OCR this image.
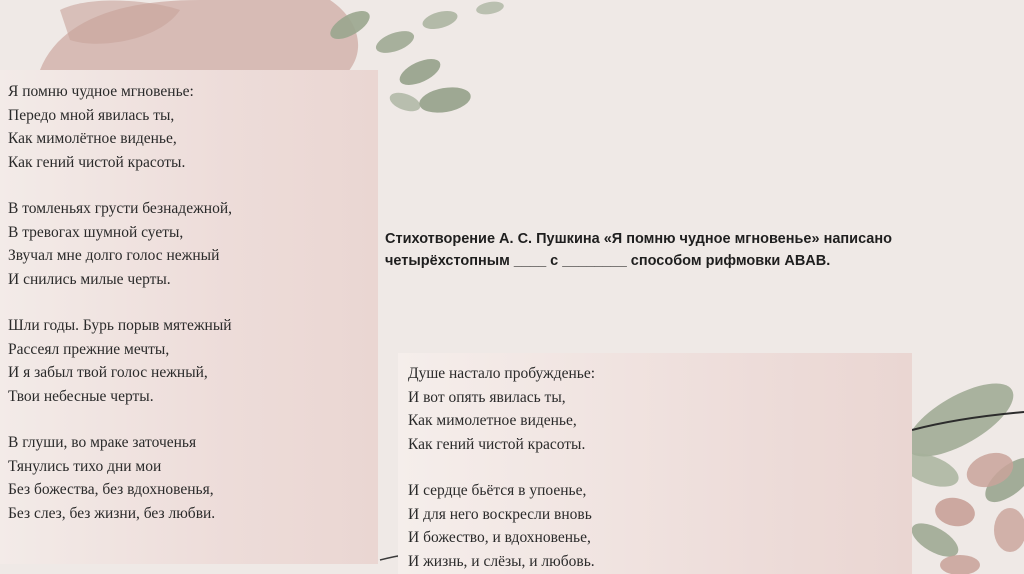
Я помню чудное мгновенье:
Передо мной явилась ты,
Как мимолётное виденье,
Как гений чистой красоты.
В томленьях грусти безнадежной,
В тревогах шумной суеты,
Звучал мне долго голос нежный
И снились милые черты.
Шли годы. Бурь порыв мятежный
Рассеял прежние мечты,
И я забыл твой голос нежный,
Твои небесные черты.
В глуши, во мраке заточенья
Тянулись тихо дни мои
Без божества, без вдохновенья,
Без слез, без жизни, без любви.
Стихотворение А. С. Пушкина «Я помню чудное мгновенье» написано
четырёхстопным ____ с ________ способом рифмовки ABAB.
Душе настало пробужденье:
И вот опять явилась ты,
Как мимолетное виденье,
Как гений чистой красоты.
И сердце бьётся в упоенье,
И для него воскресли вновь
И божество, и вдохновенье,
И жизнь, и слёзы, и любовь.
